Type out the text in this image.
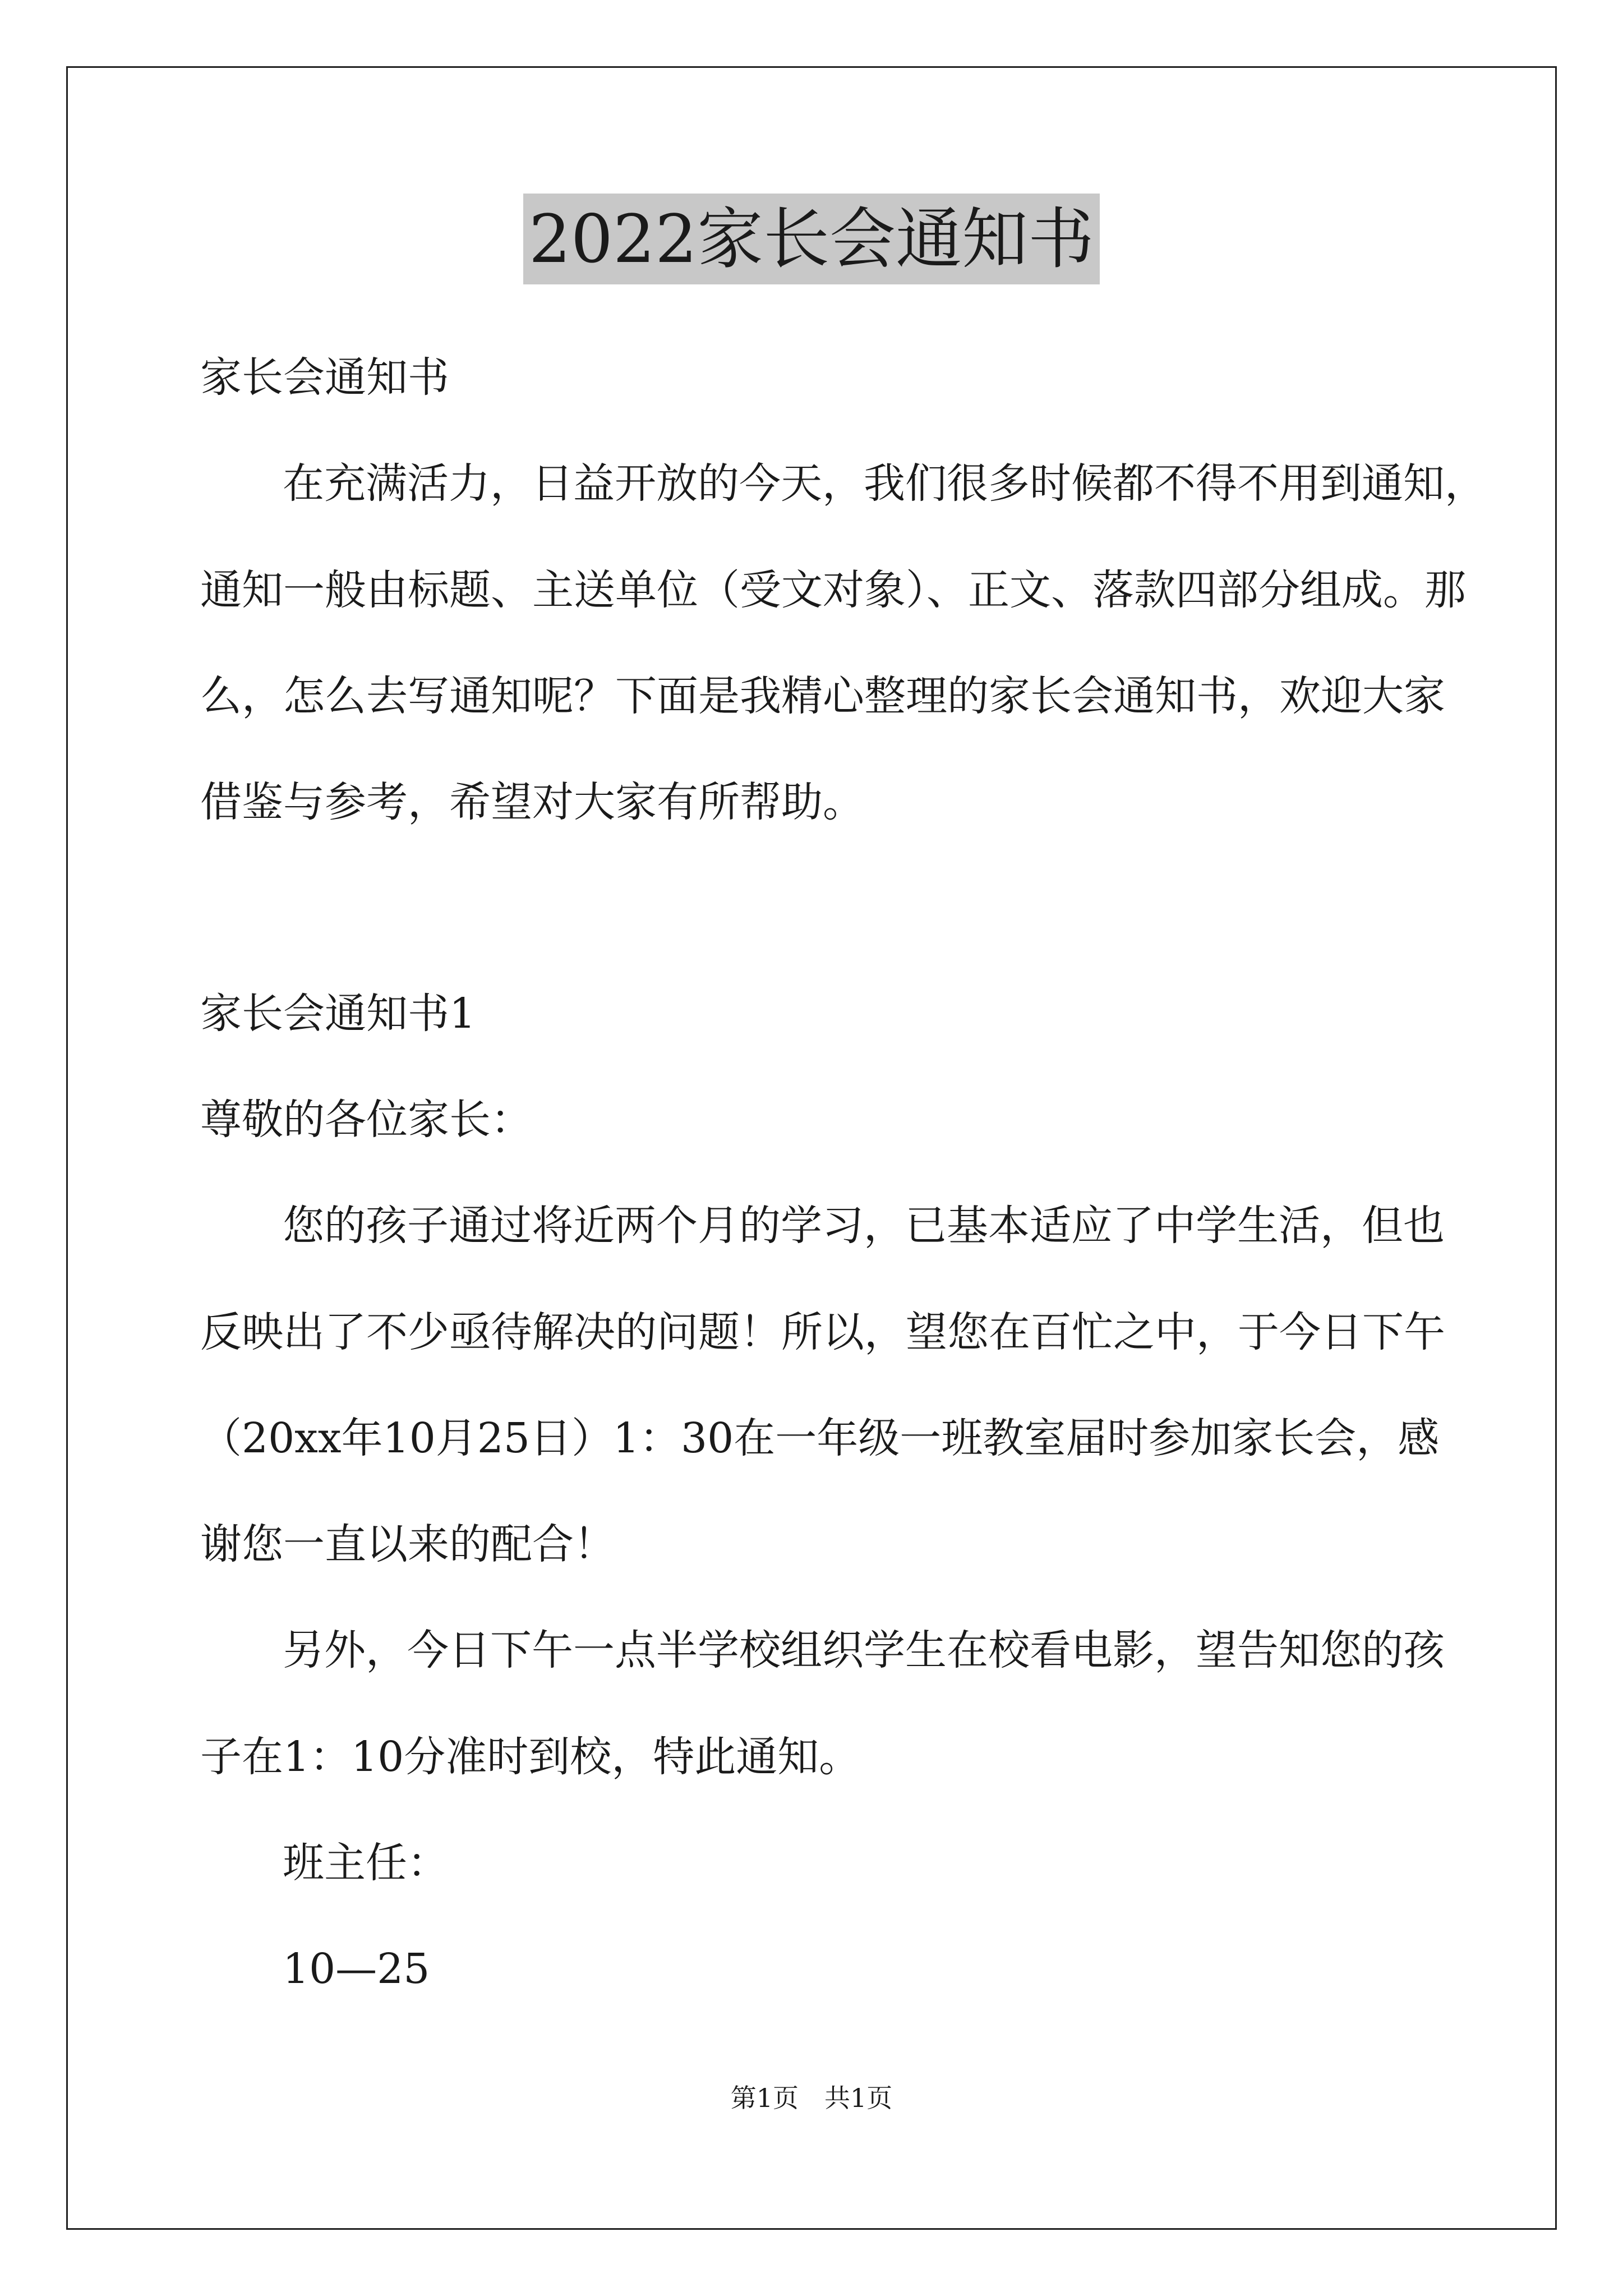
2022家长会通知书
家长会通知书
在充满活力，日益开放的今天，我们很多时候都不得不用到通知，
通知一般由标题、主送单位（受文对象）、正文、落款四部分组成。那
么，怎么去写通知呢？下面是我精心整理的家长会通知书，欢迎大家
借鉴与参考，希望对大家有所帮助。
家长会通知书1
尊敬的各位家长：
您的孩子通过将近两个月的学习，已基本适应了中学生活，但也
反映出了不少亟待解决的问题！所以，望您在百忙之中，于今日下午
（20xx年10月25日）1：30在一年级一班教室届时参加家长会，感
谢您一直以来的配合！
另外，今日下午一点半学校组织学生在校看电影，望告知您的孩
子在1：10分准时到校，特此通知。
班主任：
10—25
第1页　共1页
